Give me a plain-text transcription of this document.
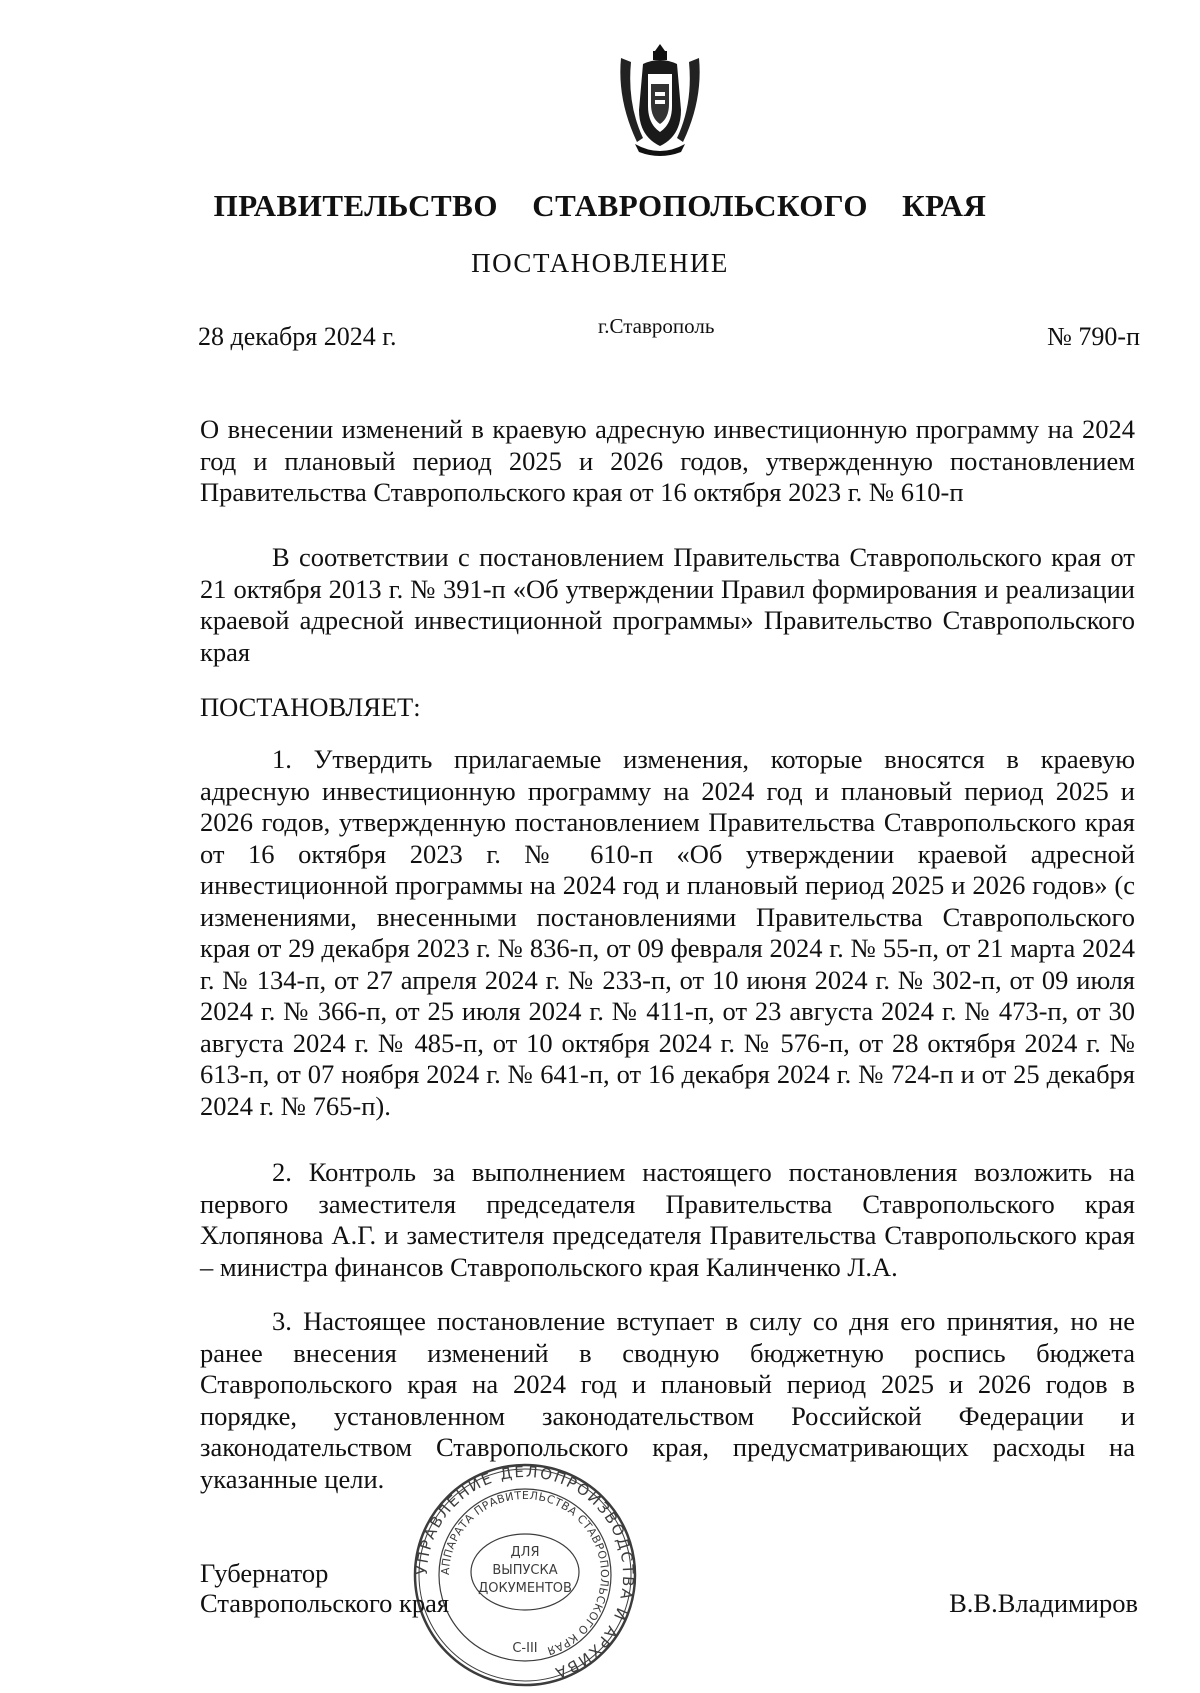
ПРАВИТЕЛЬСТВО СТАВРОПОЛЬСКОГО КРАЯ
ПОСТАНОВЛЕНИЕ
28 декабря 2024 г.	г.Ставрополь	№ 790-п

О внесении изменений в краевую адресную инвестиционную программу на 2024 год и плановый период 2025 и 2026 годов, утвержденную постановлением Правительства Ставропольского края от 16 октября 2023 г. № 610-п

В соответствии с постановлением Правительства Ставропольского края от 21 октября 2013 г. № 391-п «Об утверждении Правил формирования и реализации краевой адресной инвестиционной программы» Правительство Ставропольского края

ПОСТАНОВЛЯЕТ:

1. Утвердить прилагаемые изменения, которые вносятся в краевую адресную инвестиционную программу на 2024 год и плановый период 2025 и 2026 годов, утвержденную постановлением Правительства Ставропольского края от 16 октября 2023 г. № 610-п «Об утверждении краевой адресной инвестиционной программы на 2024 год и плановый период 2025 и 2026 годов» (с изменениями, внесенными постановлениями Правительства Ставропольского края от 29 декабря 2023 г. № 836-п, от 09 февраля 2024 г. № 55-п, от 21 марта 2024 г. № 134-п, от 27 апреля 2024 г. № 233-п, от 10 июня 2024 г. № 302-п, от 09 июля 2024 г. № 366-п, от 25 июля 2024 г. № 411-п, от 23 августа 2024 г. № 473-п, от 30 августа 2024 г. № 485-п, от 10 октября 2024 г. № 576-п, от 28 октября 2024 г. № 613-п, от 07 ноября 2024 г. № 641-п, от 16 декабря 2024 г. № 724-п и от 25 декабря 2024 г. № 765-п).

2. Контроль за выполнением настоящего постановления возложить на первого заместителя председателя Правительства Ставропольского края Хлопянова А.Г. и заместителя председателя Правительства Ставропольского края – министра финансов Ставропольского края Калинченко Л.А.

3. Настоящее постановление вступает в силу со дня его принятия, но не ранее внесения изменений в сводную бюджетную роспись бюджета Ставропольского края на 2024 год и плановый период 2025 и 2026 годов в порядке, установленном законодательством Российской Федерации и законодательством Ставропольского края, предусматривающих расходы на указанные цели.

Губернатор
Ставропольского края	В.В.Владимиров
УПРАВЛЕНИЕ ДЕЛОПРОИЗВОДСТВА И АРХИВА
АППАРАТА ПРАВИТЕЛЬСТВА СТАВРОПОЛЬСКОГО КРАЯ
ДЛЯ
ВЫПУСКА
ДОКУМЕНТОВ
С-III
